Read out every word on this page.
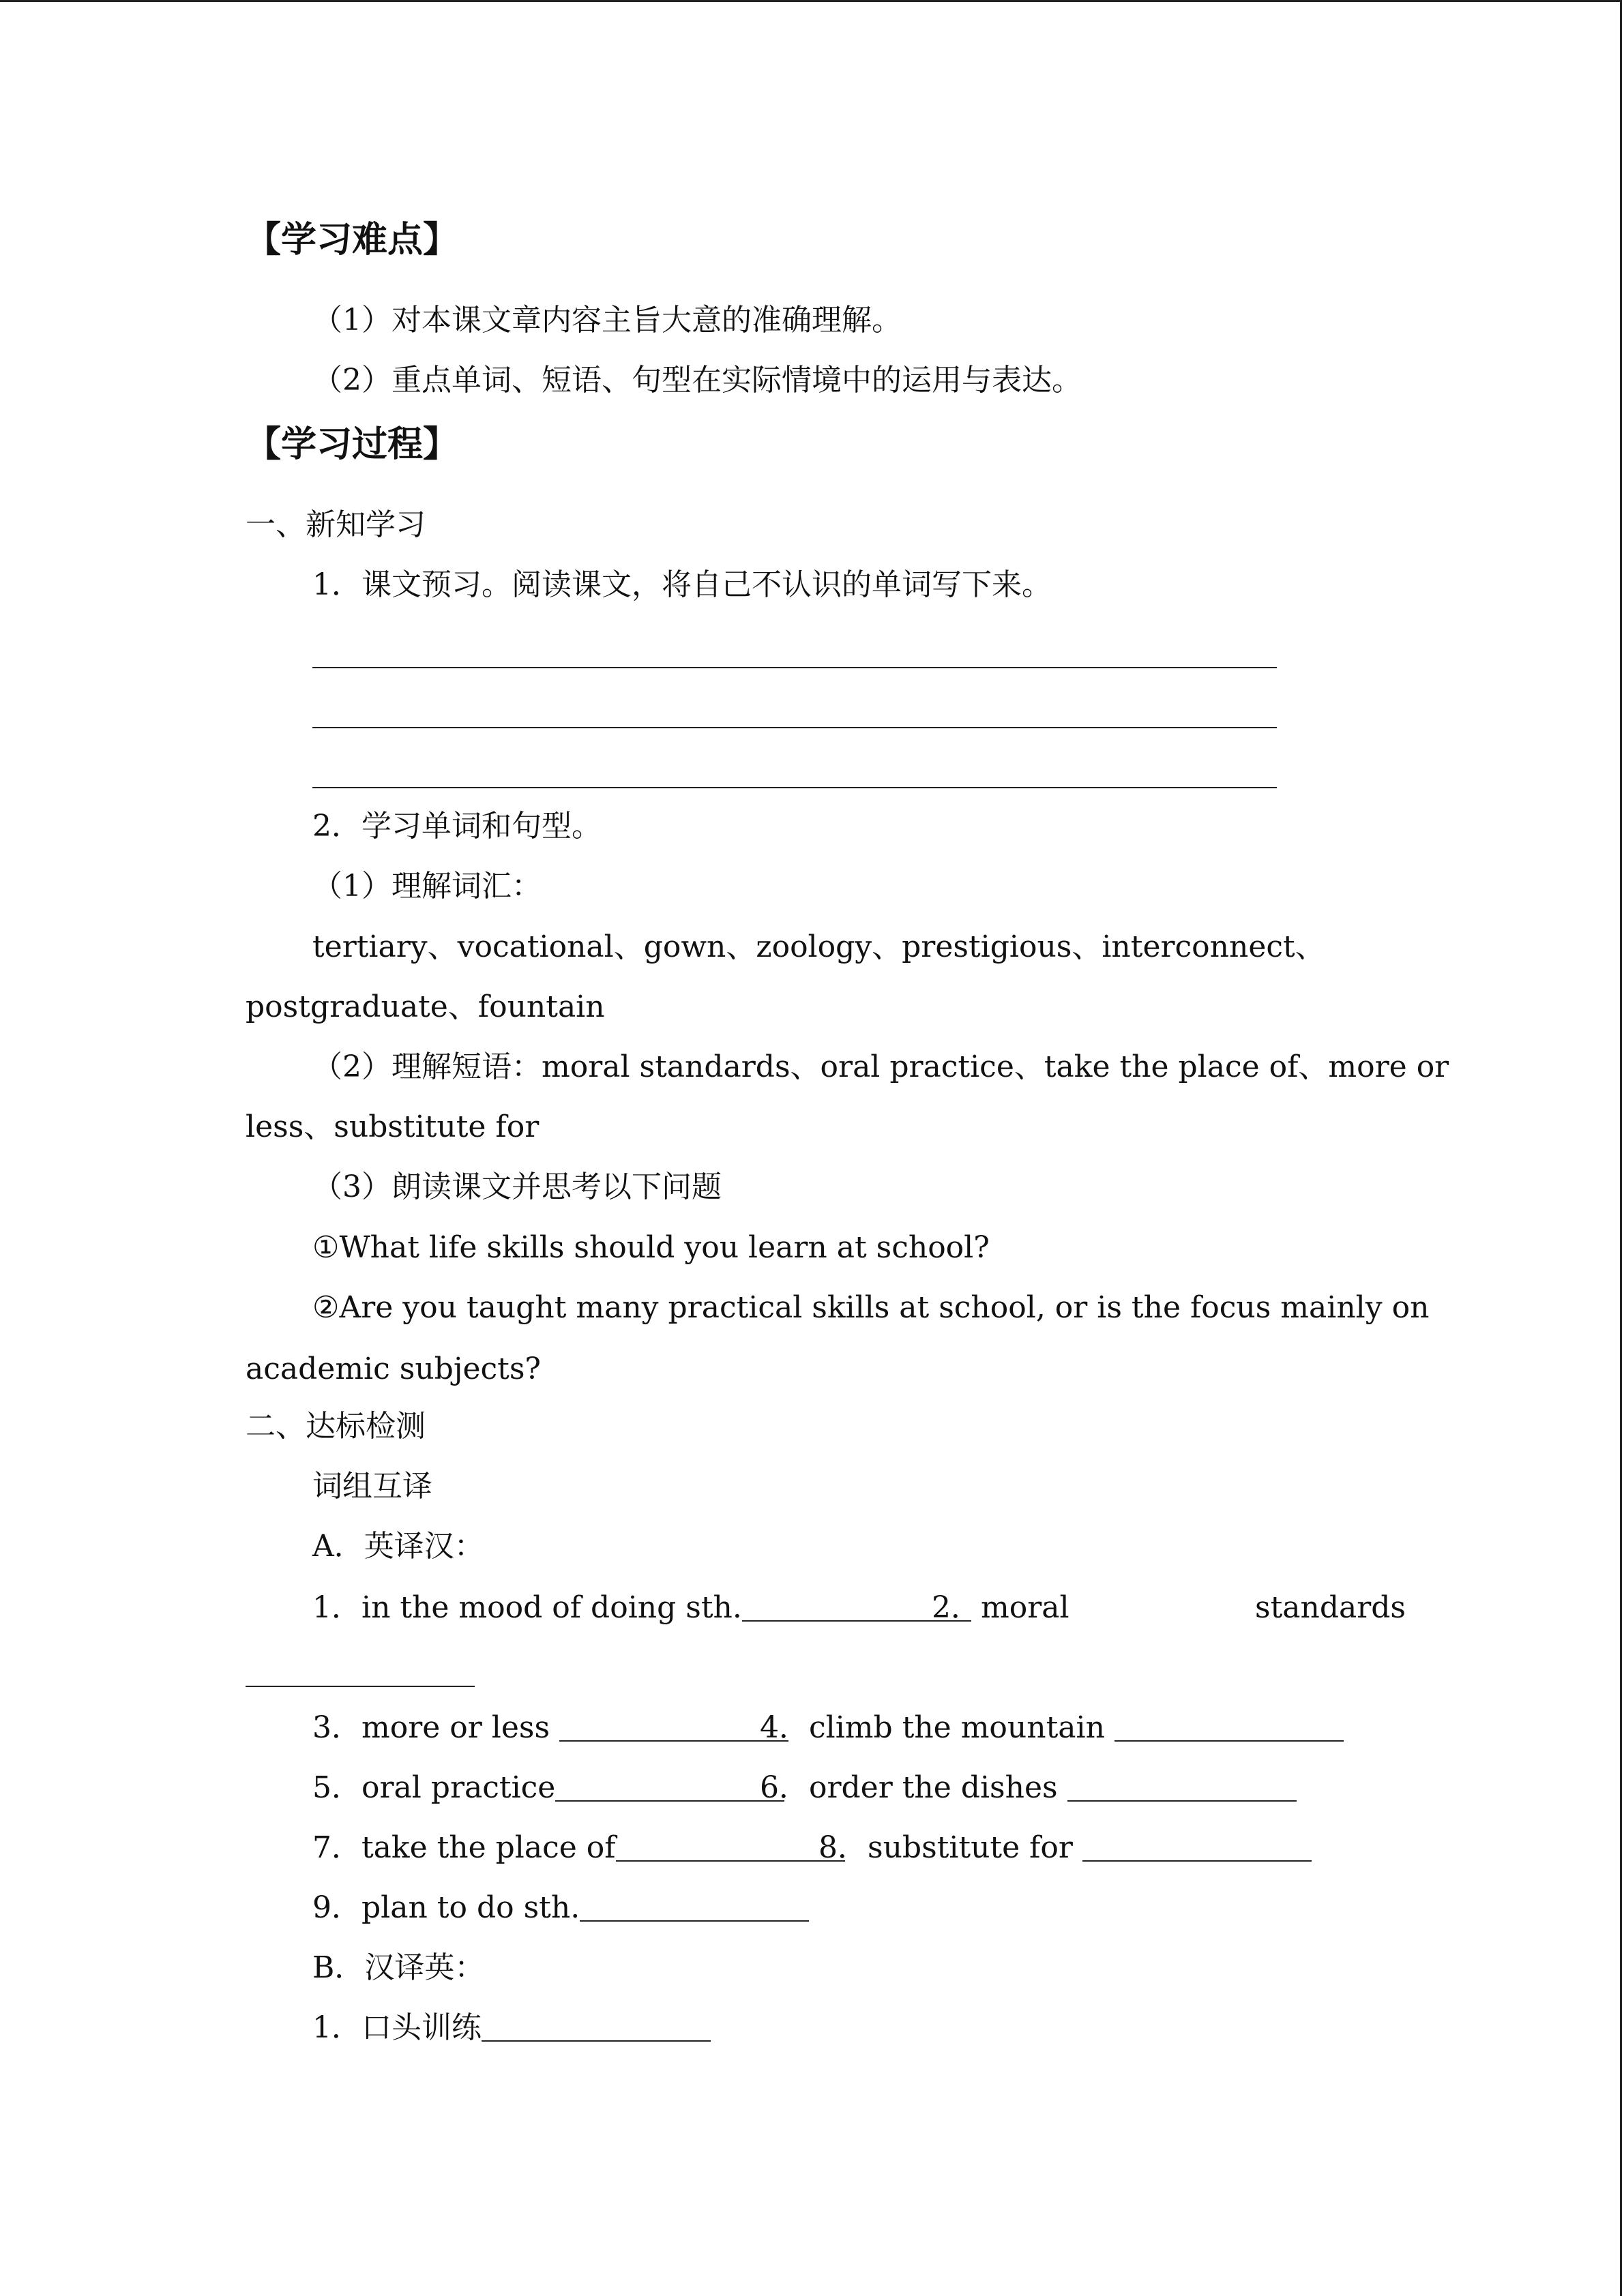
【学习难点】
（1）对本课文章内容主旨大意的准确理解。
（2）重点单词、短语、句型在实际情境中的运用与表达。
【学习过程】
一、新知学习
1．课文预习。阅读课文，将自己不认识的单词写下来。
2．学习单词和句型。
（1）理解词汇：
tertiary、vocational、gown、zoology、prestigious、interconnect、
postgraduate、fountain
（2）理解短语：moral standards、oral practice、take the place of、more or
less、substitute for
（3）朗读课文并思考以下问题
①What life skills should you learn at school?
②Are you taught many practical skills at school, or is the focus mainly on
academic subjects?
二、达标检测
词组互译
A．英译汉：
1．in the mood of doing sth.	2．moral	standards
3．more or less	4．climb the mountain
5．oral practice	6．order the dishes
7．take the place of	8．substitute for
9．plan to do sth.
B．汉译英：
1．口头训练
